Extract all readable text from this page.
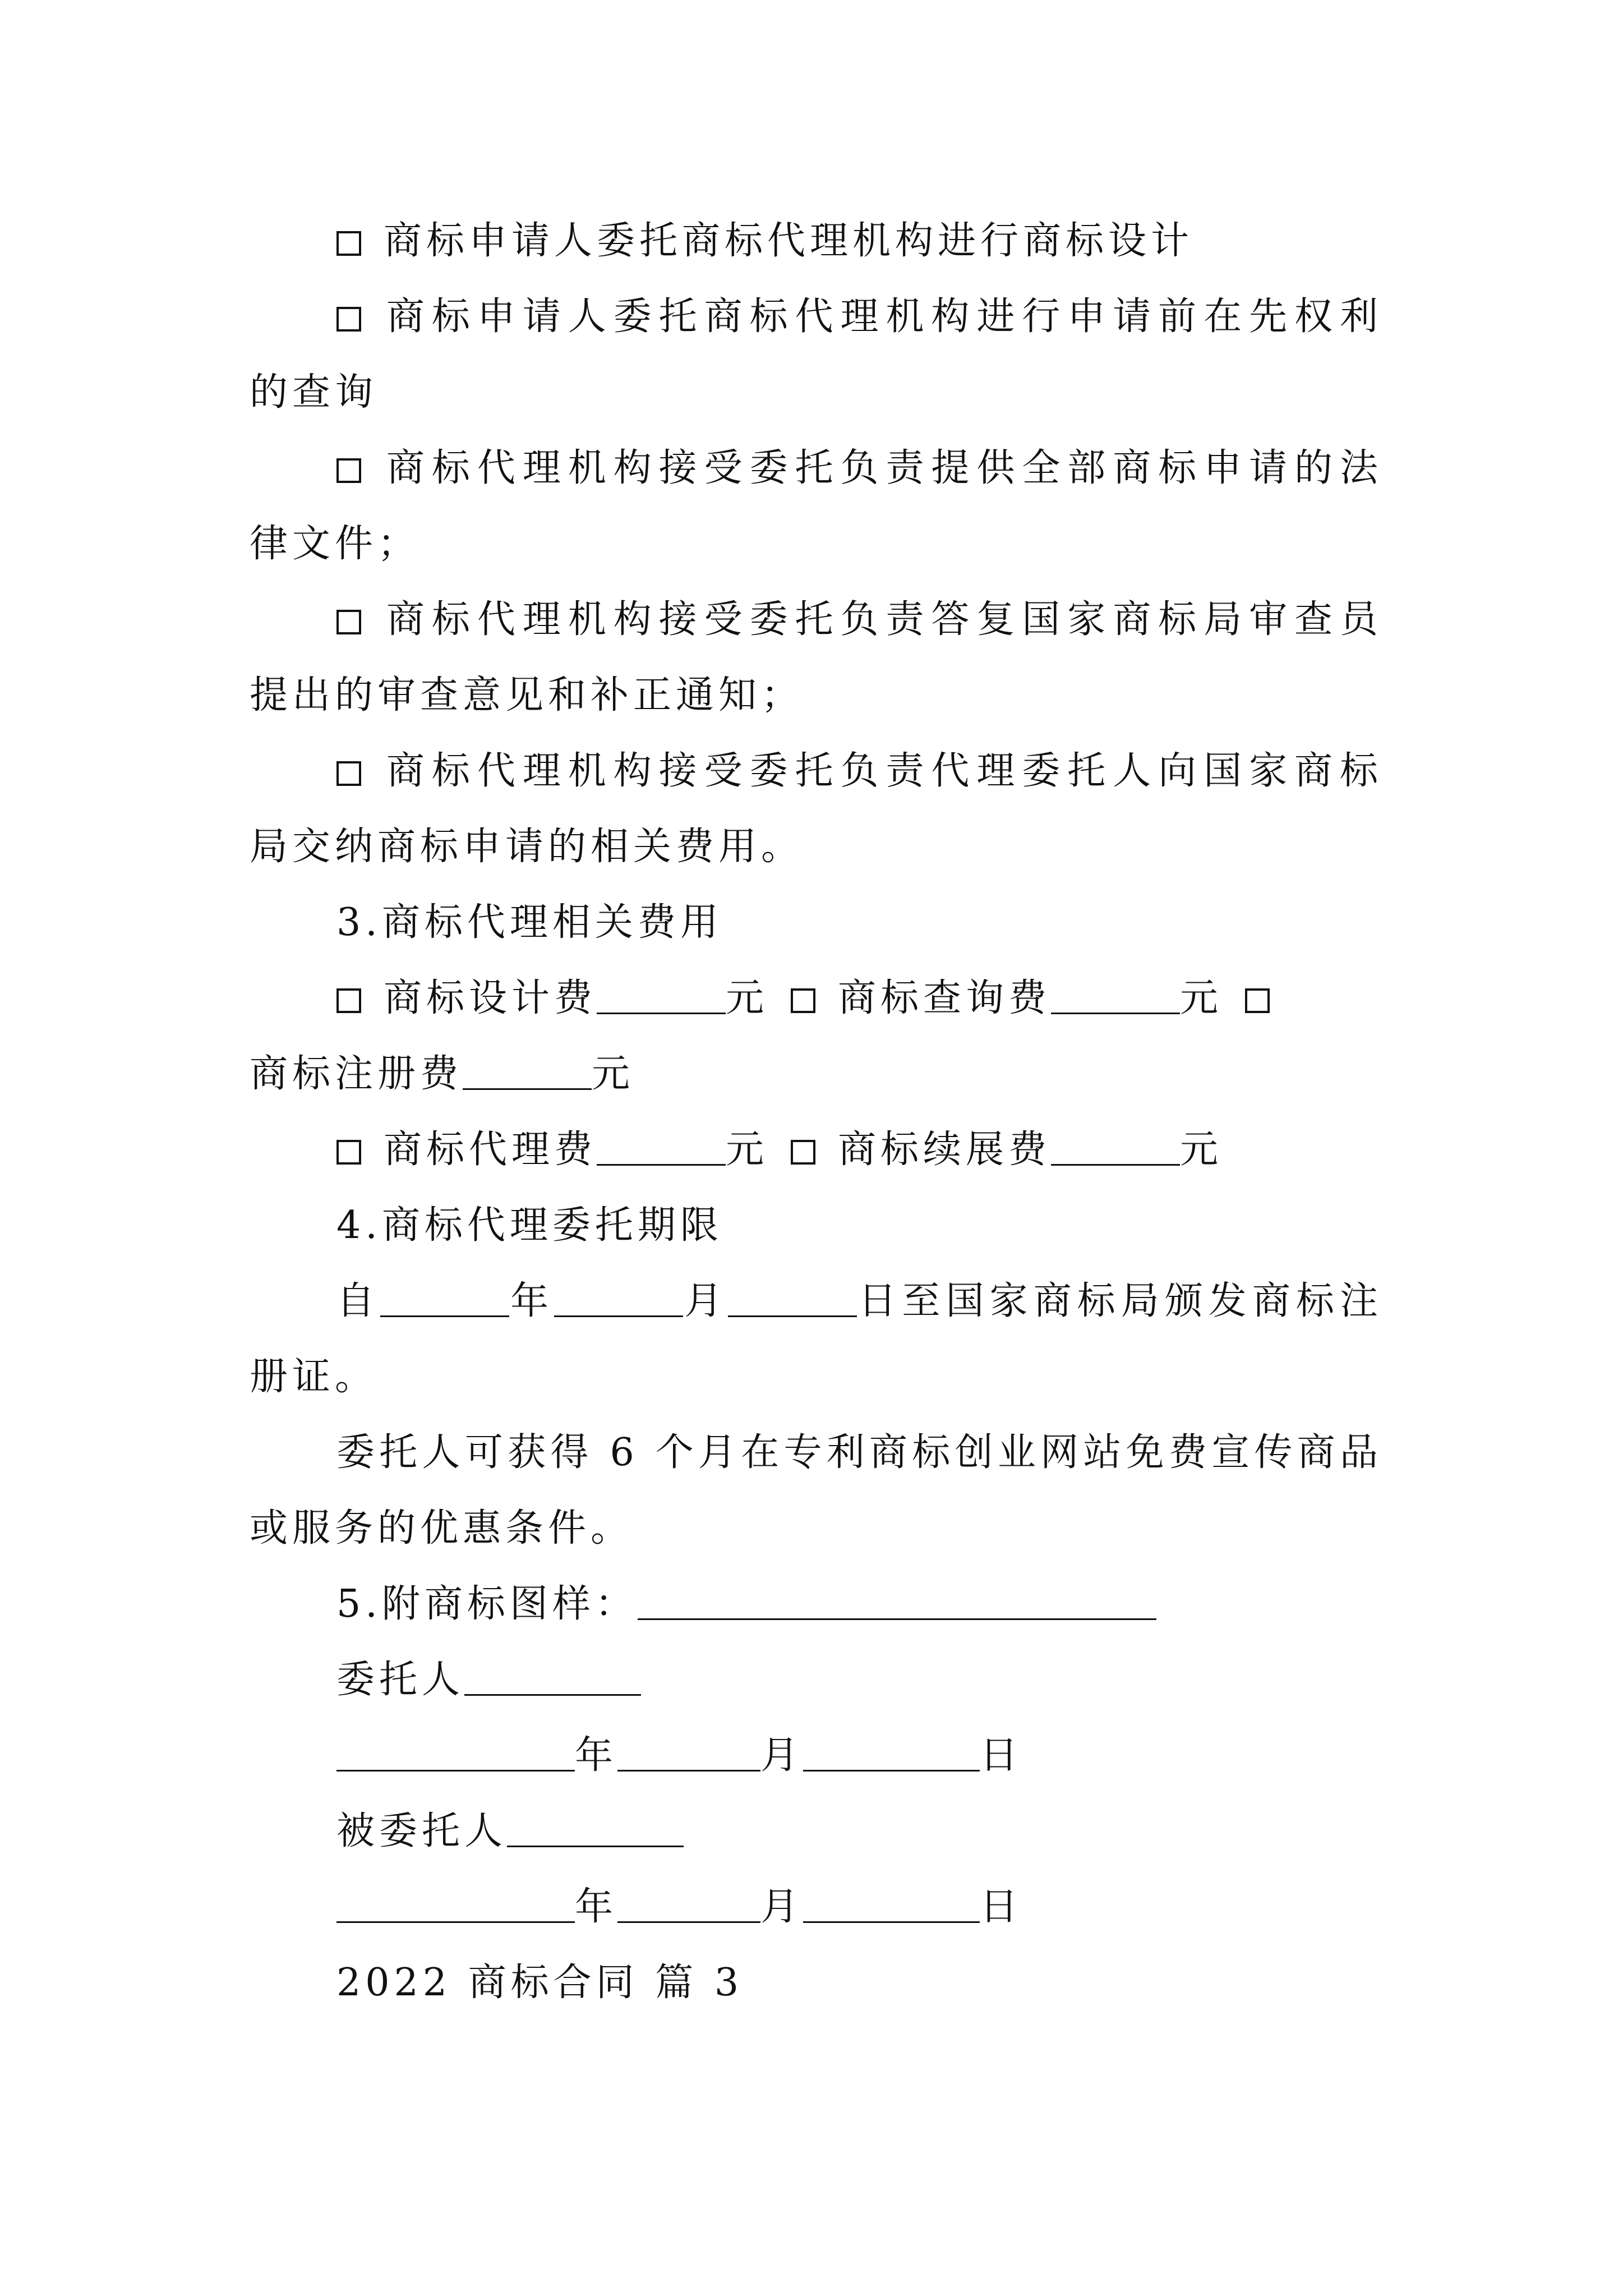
商标申请人委托商标代理机构进行商标设计
商标申请人委托商标代理机构进行申请前在先权利
的查询
商标代理机构接受委托负责提供全部商标申请的法
律文件；
商标代理机构接受委托负责答复国家商标局审查员
提出的审查意见和补正通知；
商标代理机构接受委托负责代理委托人向国家商标
局交纳商标申请的相关费用。
3.商标代理相关费用
商标设计费	元 商标查询费	元
商标注册费	元
商标代理费	元 商标续展费	元
4.商标代理委托期限
自	年	月	日至国家商标局颁发商标注
册证。
委托人可获得 6 个月在专利商标创业网站免费宣传商品
或服务的优惠条件。
5.附商标图样：
委托人
年	月	日
被委托人
年	月	日
2022 商标合同 篇 3
